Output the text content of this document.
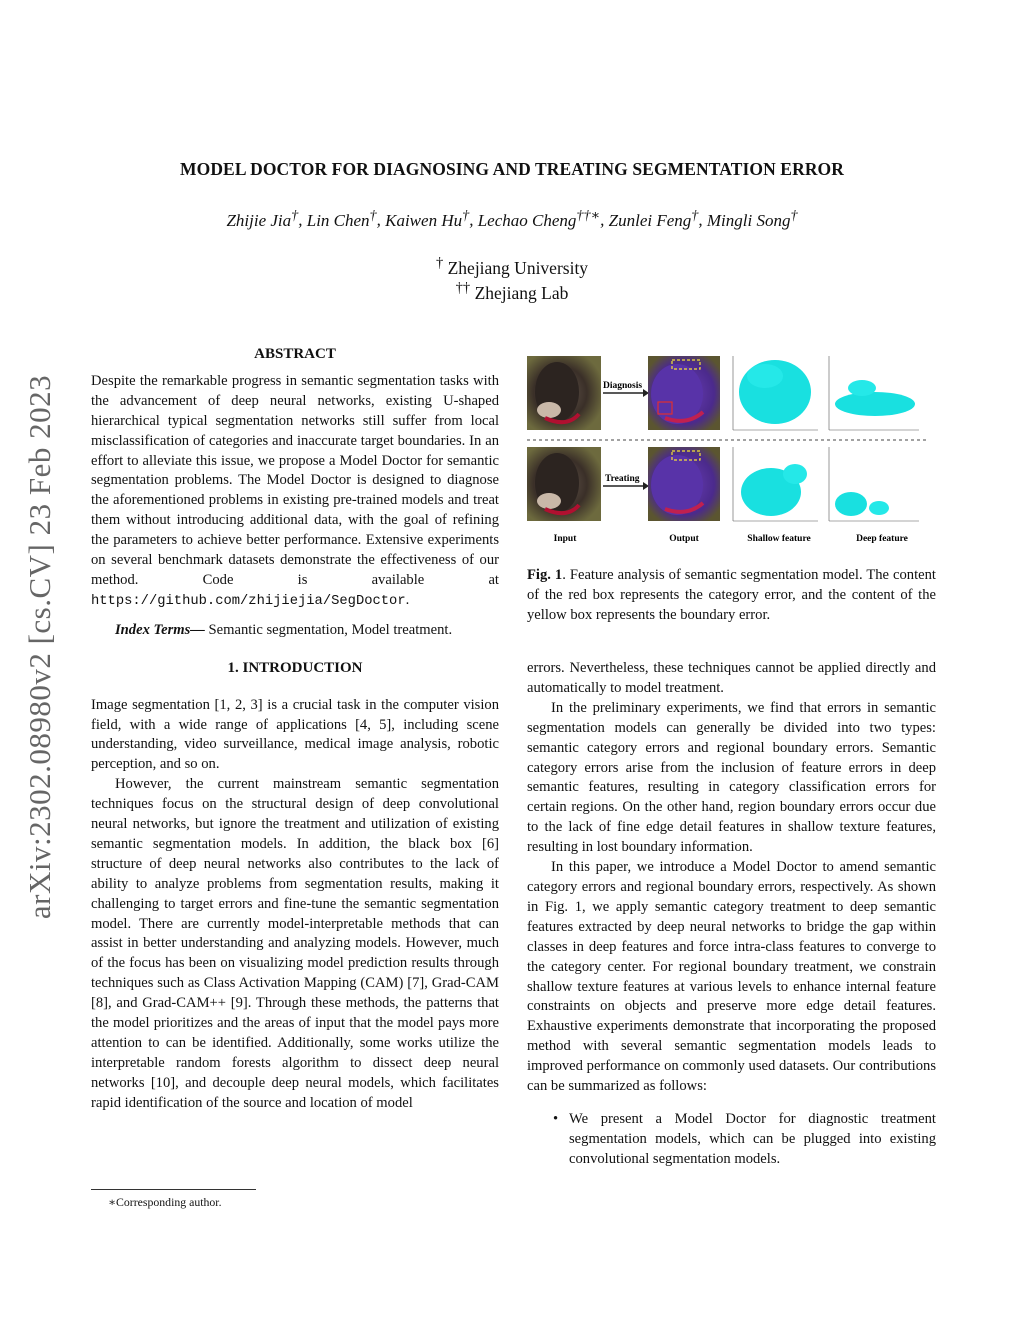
MODEL DOCTOR FOR DIAGNOSING AND TREATING SEGMENTATION ERROR
Zhijie Jia†, Lin Chen†, Kaiwen Hu†, Lechao Cheng††∗, Zunlei Feng†, Mingli Song†
† Zhejiang University
†† Zhejiang Lab
arXiv:2302.08980v2 [cs.CV] 23 Feb 2023
ABSTRACT

Despite the remarkable progress in semantic segmentation tasks with the advancement of deep neural networks, existing U-shaped hierarchical typical segmentation networks still suffer from local misclassification of categories and inaccurate target boundaries. In an effort to alleviate this issue, we propose a Model Doctor for semantic segmentation problems. The Model Doctor is designed to diagnose the aforementioned problems in existing pre-trained models and treat them without introducing additional data, with the goal of refining the parameters to achieve better performance. Extensive experiments on several benchmark datasets demonstrate the effectiveness of our method. Code is available at https://github.com/zhijiejia/SegDoctor.

Index Terms— Semantic segmentation, Model treatment.

1. INTRODUCTION

Image segmentation [1, 2, 3] is a crucial task in the computer vision field, with a wide range of applications [4, 5], including scene understanding, video surveillance, medical image analysis, robotic perception, and so on.

However, the current mainstream semantic segmentation techniques focus on the structural design of deep convolutional neural networks, but ignore the treatment and utilization of existing semantic segmentation models. In addition, the black box [6] structure of deep neural networks also contributes to the lack of ability to analyze problems from segmentation results, making it challenging to target errors and fine-tune the semantic segmentation model. There are currently model-interpretable methods that can assist in better understanding and analyzing models. However, much of the focus has been on visualizing model prediction results through techniques such as Class Activation Mapping (CAM) [7], Grad-CAM [8], and Grad-CAM++ [9]. Through these methods, the patterns that the model prioritizes and the areas of input that the model pays more attention to can be identified. Additionally, some works utilize the interpretable random forests algorithm to dissect deep neural networks [10], and decouple deep neural models, which facilitates rapid identification of the source and location of model

∗Corresponding author.
Diagnosis
Treating
Input	Output	Shallow feature	Deep feature

Fig. 1. Feature analysis of semantic segmentation model. The content of the red box represents the category error, and the content of the yellow box represents the boundary error.

errors. Nevertheless, these techniques cannot be applied directly and automatically to model treatment.

In the preliminary experiments, we find that errors in semantic segmentation models can generally be divided into two types: semantic category errors and regional boundary errors. Semantic category errors arise from the inclusion of feature errors in deep semantic features, resulting in category classification errors for certain regions. On the other hand, region boundary errors occur due to the lack of fine edge detail features in shallow texture features, resulting in lost boundary information.

In this paper, we introduce a Model Doctor to amend semantic category errors and regional boundary errors, respectively. As shown in Fig. 1, we apply semantic category treatment to deep semantic features extracted by deep neural networks to bridge the gap within classes in deep features and force intra-class features to converge to the category center. For regional boundary treatment, we constrain shallow texture features at various levels to enhance internal feature constraints on objects and preserve more edge detail features. Exhaustive experiments demonstrate that incorporating the proposed method with several semantic segmentation models leads to improved performance on commonly used datasets. Our contributions can be summarized as follows:

• We present a Model Doctor for diagnostic treatment segmentation models, which can be plugged into existing convolutional segmentation models.
